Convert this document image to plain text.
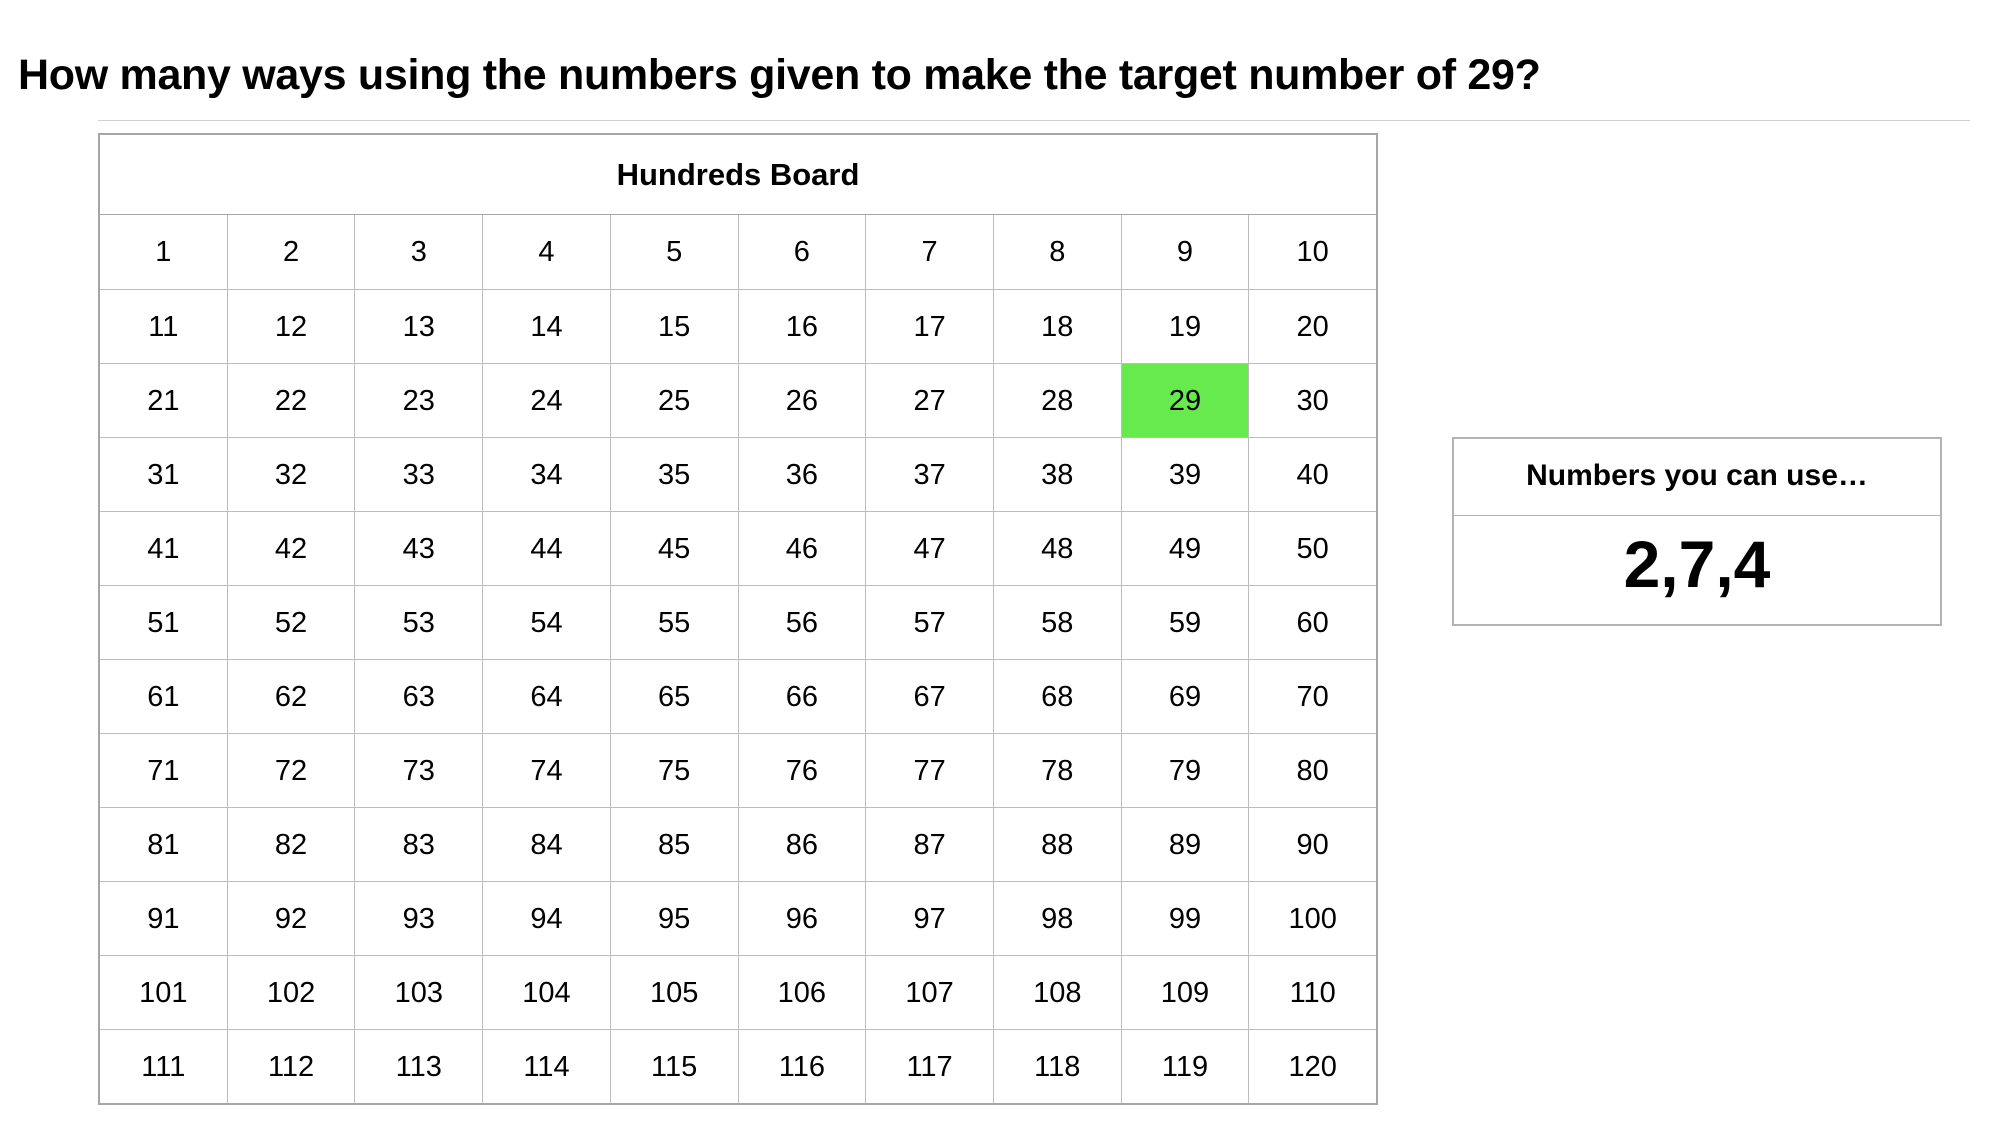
How many ways using the numbers given to make the target number of 29?
Hundreds Board
1	2	3	4	5	6	7	8	9	10
11	12	13	14	15	16	17	18	19	20
21	22	23	24	25	26	27	28	29	30
31	32	33	34	35	36	37	38	39	40
41	42	43	44	45	46	47	48	49	50
51	52	53	54	55	56	57	58	59	60
61	62	63	64	65	66	67	68	69	70
71	72	73	74	75	76	77	78	79	80
81	82	83	84	85	86	87	88	89	90
91	92	93	94	95	96	97	98	99	100
101	102	103	104	105	106	107	108	109	110
111	112	113	114	115	116	117	118	119	120
Numbers you can use…
2,7,4
